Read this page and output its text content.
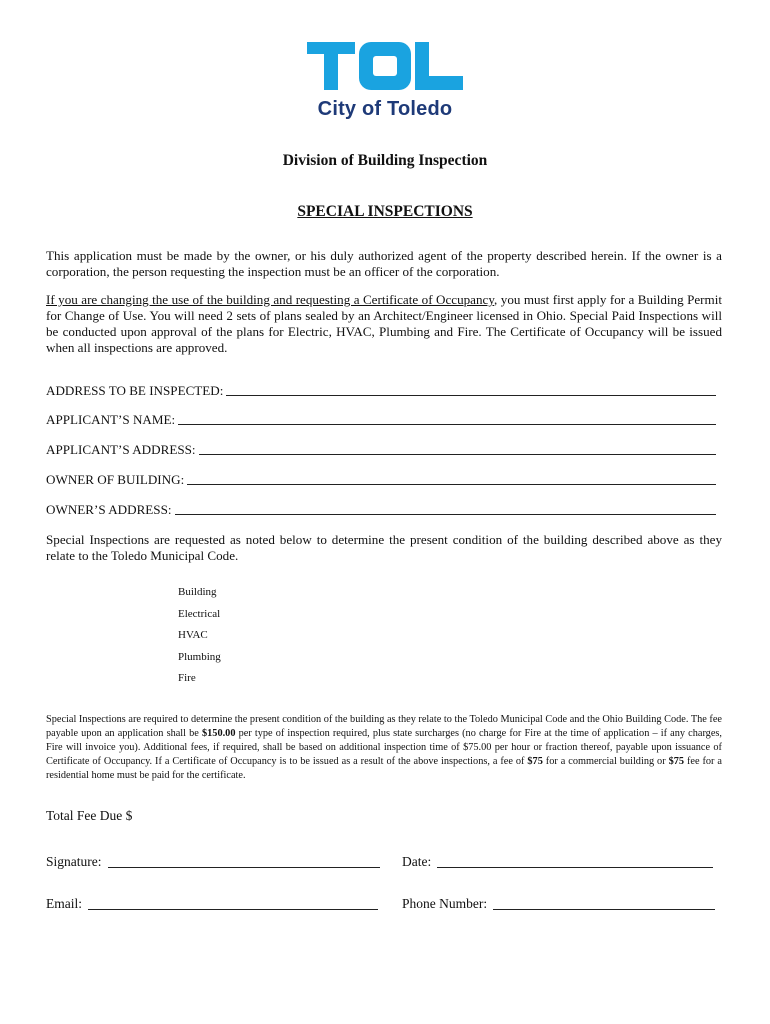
City of Toledo
Division of Building Inspection
SPECIAL INSPECTIONS
This application must be made by the owner, or his duly authorized agent of the property described herein. If the owner is a corporation, the person requesting the inspection must be an officer of the corporation.
If you are changing the use of the building and requesting a Certificate of Occupancy, you must first apply for a Building Permit for Change of Use. You will need 2 sets of plans sealed by an Architect/Engineer licensed in Ohio. Special Paid Inspections will be conducted upon approval of the plans for Electric, HVAC, Plumbing and Fire. The Certificate of Occupancy will be issued when all inspections are approved.
ADDRESS TO BE INSPECTED:
APPLICANT’S NAME:
APPLICANT’S ADDRESS:
OWNER OF BUILDING:
OWNER’S ADDRESS:
Special Inspections are requested as noted below to determine the present condition of the building described above as they relate to the Toledo Municipal Code.
Building
Electrical
HVAC
Plumbing
Fire
Special Inspections are required to determine the present condition of the building as they relate to the Toledo Municipal Code and the Ohio Building Code. The fee payable upon an application shall be $150.00 per type of inspection required, plus state surcharges (no charge for Fire at the time of application – if any charges, Fire will invoice you). Additional fees, if required, shall be based on additional inspection time of $75.00 per hour or fraction thereof, payable upon issuance of Certificate of Occupancy. If a Certificate of Occupancy is to be issued as a result of the above inspections, a fee of $75 for a commercial building or $75 fee for a residential home must be paid for the certificate.
Total Fee Due $
Signature:	Date:
Email:	Phone Number:
